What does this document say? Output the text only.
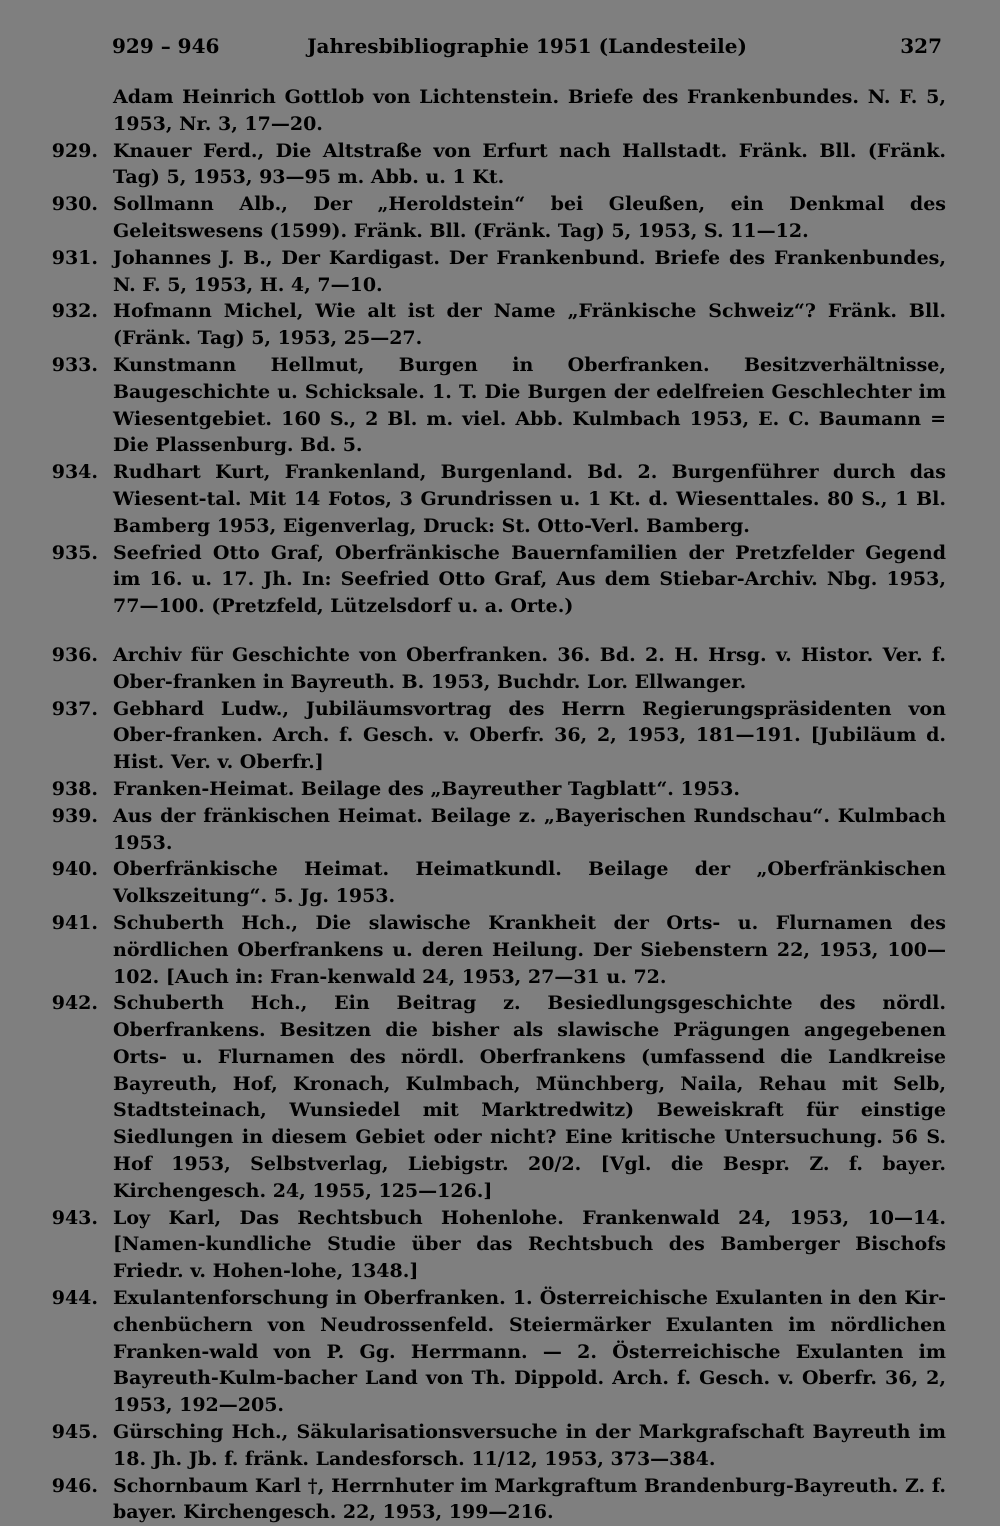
929 – 946	Jahresbibliographie 1951 (Landesteile)	327
Adam Heinrich Gottlob von Lichtenstein. Briefe des Frankenbundes. N. F. 5, 1953, Nr. 3, 17—20.
929. Knauer Ferd., Die Altstraße von Erfurt nach Hallstadt. Fränk. Bll. (Fränk. Tag) 5, 1953, 93—95 m. Abb. u. 1 Kt.
930. Sollmann Alb., Der „Heroldstein“ bei Gleußen, ein Denkmal des Geleitswesens (1599). Fränk. Bll. (Fränk. Tag) 5, 1953, S. 11—12.
931. Johannes J. B., Der Kardigast. Der Frankenbund. Briefe des Frankenbundes, N. F. 5, 1953, H. 4, 7—10.
932. Hofmann Michel, Wie alt ist der Name „Fränkische Schweiz“? Fränk. Bll. (Fränk. Tag) 5, 1953, 25—27.
933. Kunstmann Hellmut, Burgen in Oberfranken. Besitzverhältnisse, Baugeschichte u. Schicksale. 1. T. Die Burgen der edelfreien Geschlechter im Wiesentgebiet. 160 S., 2 Bl. m. viel. Abb. Kulmbach 1953, E. C. Baumann = Die Plassenburg. Bd. 5.
934. Rudhart Kurt, Frankenland, Burgenland. Bd. 2. Burgenführer durch das Wiesent-tal. Mit 14 Fotos, 3 Grundrissen u. 1 Kt. d. Wiesenttales. 80 S., 1 Bl. Bamberg 1953, Eigenverlag, Druck: St. Otto-Verl. Bamberg.
935. Seefried Otto Graf, Oberfränkische Bauernfamilien der Pretzfelder Gegend im 16. u. 17. Jh. In: Seefried Otto Graf, Aus dem Stiebar-Archiv. Nbg. 1953, 77—100. (Pretzfeld, Lützelsdorf u. a. Orte.)
936. Archiv für Geschichte von Oberfranken. 36. Bd. 2. H. Hrsg. v. Histor. Ver. f. Ober-franken in Bayreuth. B. 1953, Buchdr. Lor. Ellwanger.
937. Gebhard Ludw., Jubiläumsvortrag des Herrn Regierungspräsidenten von Ober-franken. Arch. f. Gesch. v. Oberfr. 36, 2, 1953, 181—191. [Jubiläum d. Hist. Ver. v. Oberfr.]
938. Franken-Heimat. Beilage des „Bayreuther Tagblatt“. 1953.
939. Aus der fränkischen Heimat. Beilage z. „Bayerischen Rundschau“. Kulmbach 1953.
940. Oberfränkische Heimat. Heimatkundl. Beilage der „Oberfränkischen Volkszeitung“. 5. Jg. 1953.
941. Schuberth Hch., Die slawische Krankheit der Orts- u. Flurnamen des nördlichen Oberfrankens u. deren Heilung. Der Siebenstern 22, 1953, 100—102. [Auch in: Fran-kenwald 24, 1953, 27—31 u. 72.
942. Schuberth Hch., Ein Beitrag z. Besiedlungsgeschichte des nördl. Oberfrankens. Besitzen die bisher als slawische Prägungen angegebenen Orts- u. Flurnamen des nördl. Oberfrankens (umfassend die Landkreise Bayreuth, Hof, Kronach, Kulmbach, Münchberg, Naila, Rehau mit Selb, Stadtsteinach, Wunsiedel mit Marktredwitz) Beweiskraft für einstige Siedlungen in diesem Gebiet oder nicht? Eine kritische Untersuchung. 56 S. Hof 1953, Selbstverlag, Liebigstr. 20/2. [Vgl. die Bespr. Z. f. bayer. Kirchengesch. 24, 1955, 125—126.]
943. Loy Karl, Das Rechtsbuch Hohenlohe. Frankenwald 24, 1953, 10—14. [Namen-kundliche Studie über das Rechtsbuch des Bamberger Bischofs Friedr. v. Hohen-lohe, 1348.]
944. Exulantenforschung in Oberfranken. 1. Österreichische Exulanten in den Kir-chenbüchern von Neudrossenfeld. Steiermärker Exulanten im nördlichen Franken-wald von P. Gg. Herrmann. — 2. Österreichische Exulanten im Bayreuth-Kulm-bacher Land von Th. Dippold. Arch. f. Gesch. v. Oberfr. 36, 2, 1953, 192—205.
945. Gürsching Hch., Säkularisationsversuche in der Markgrafschaft Bayreuth im 18. Jh. Jb. f. fränk. Landesforsch. 11/12, 1953, 373—384.
946. Schornbaum Karl †, Herrnhuter im Markgraftum Brandenburg-Bayreuth. Z. f. bayer. Kirchengesch. 22, 1953, 199—216.
